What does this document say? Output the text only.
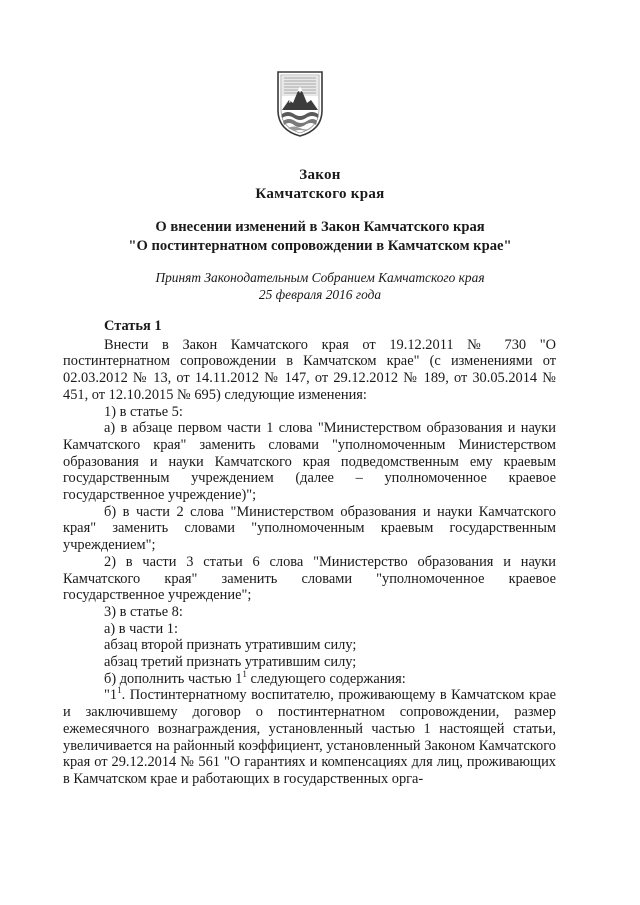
Закон
Камчатского края
О внесении изменений в Закон Камчатского края
"О постинтернатном сопровождении в Камчатском крае"
Принят Законодательным Собранием Камчатского края
25 февраля 2016 года
Статья 1

Внести в Закон Камчатского края от 19.12.2011 № 730 "О постинтернатном сопровождении в Камчатском крае" (с изменениями от 02.03.2012 № 13, от 14.11.2012 № 147, от 29.12.2012 № 189, от 30.05.2014 № 451, от 12.10.2015 № 695) следующие изменения:

1) в статье 5:

а) в абзаце первом части 1 слова "Министерством образования и науки Камчатского края" заменить словами "уполномоченным Министерством образования и науки Камчатского края подведомственным ему краевым государственным учреждением (далее – уполномоченное краевое государственное учреждение)";

б) в части 2 слова "Министерством образования и науки Камчатского края" заменить словами "уполномоченным краевым государственным учреждением";

2) в части 3 статьи 6 слова "Министерство образования и науки Камчатского края" заменить словами "уполномоченное краевое государственное учреждение";

3) в статье 8:

а) в части 1:

абзац второй признать утратившим силу;

абзац третий признать утратившим силу;

б) дополнить частью $1^1$ следующего содержания:

"$1^1$. Постинтернатному воспитателю, проживающему в Камчатском крае и заключившему договор о постинтернатном сопровождении, размер ежемесячного вознаграждения, установленный частью 1 настоящей статьи, увеличивается на районный коэффициент, установленный Законом Камчатского края от 29.12.2014 № 561 "О гарантиях и компенсациях для лиц, проживающих в Камчатском крае и работающих в государственных орга-
